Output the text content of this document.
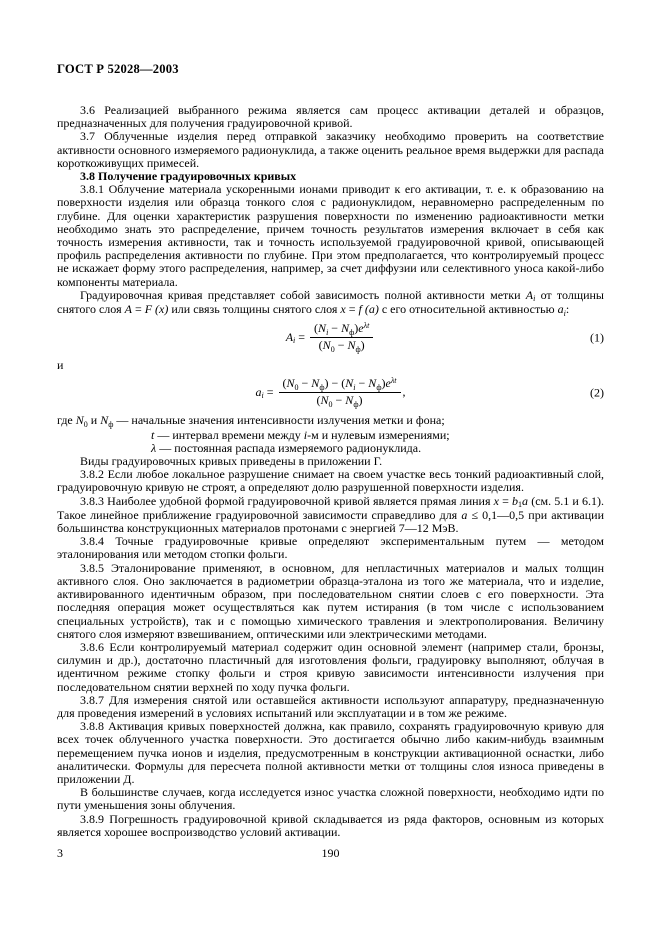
ГОСТ Р 52028—2003

3.6 Реализацией выбранного режима является сам процесс активации деталей и образцов, предназначенных для получения градуировочной кривой.

3.7 Облученные изделия перед отправкой заказчику необходимо проверить на соответствие активности основного измеряемого радионуклида, а также оценить реальное время выдержки для распада короткоживущих примесей.

3.8 Получение градуировочных кривых

3.8.1 Облучение материала ускоренными ионами приводит к его активации, т. е. к образованию на поверхности изделия или образца тонкого слоя с радионуклидом, неравномерно распределенным по глубине. Для оценки характеристик разрушения поверхности по изменению радиоактивности метки необходимо знать это распределение, причем точность результатов измерения включает в себя как точность измерения активности, так и точность используемой градуировочной кривой, описывающей профиль распределения активности по глубине. При этом предполагается, что контролируемый процесс не искажает форму этого распределения, например, за счет диффузии или селективного уноса какой-либо компоненты материала.

Градуировочная кривая представляет собой зависимость полной активности метки $A_i$ от толщины снятого слоя A = F (x) или связь толщины снятого слоя x = f (a) с его относительной активностью $a_i$:

$A_i = \frac{(N_i - N_ф)e^{\lambda t}}{(N_0 - N_ф)}$	(1)

и

$a_i = \frac{(N_0 - N_ф) - (N_i - N_ф)e^{\lambda t}}{(N_0 - N_ф)}$ ,	(2)

где $N_0$ и $N_ф$ — начальные значения интенсивности излучения метки и фона;

t — интервал времени между i-м и нулевым измерениями;

λ — постоянная распада измеряемого радионуклида.

Виды градуировочных кривых приведены в приложении Г.

3.8.2 Если любое локальное разрушение снимает на своем участке весь тонкий радиоактивный слой, градуировочную кривую не строят, а определяют долю разрушенной поверхности изделия.

3.8.3 Наиболее удобной формой градуировочной кривой является прямая линия $x = b_1a$ (см. 5.1 и 6.1). Такое линейное приближение градуировочной зависимости справедливо для a ≤ 0,1—0,5 при активации большинства конструкционных материалов протонами с энергией 7—12 МэВ.

3.8.4 Точные градуировочные кривые определяют экспериментальным путем — методом эталонирования или методом стопки фольги.

3.8.5 Эталонирование применяют, в основном, для непластичных материалов и малых толщин активного слоя. Оно заключается в радиометрии образца-эталона из того же материала, что и изделие, активированного идентичным образом, при последовательном снятии слоев с его поверхности. Эта последняя операция может осуществляться как путем истирания (в том числе с использованием специальных устройств), так и с помощью химического травления и электрополирования. Величину снятого слоя измеряют взвешиванием, оптическими или электрическими методами.

3.8.6 Если контролируемый материал содержит один основной элемент (например стали, бронзы, силумин и др.), достаточно пластичный для изготовления фольги, градуировку выполняют, облучая в идентичном режиме стопку фольги и строя кривую зависимости интенсивности излучения при последовательном снятии верхней по ходу пучка фольги.

3.8.7 Для измерения снятой или оставшейся активности используют аппаратуру, предназначенную для проведения измерений в условиях испытаний или эксплуатации и в том же режиме.

3.8.8 Активация кривых поверхностей должна, как правило, сохранять градуировочную кривую для всех точек облученного участка поверхности. Это достигается обычно либо каким-нибудь взаимным перемещением пучка ионов и изделия, предусмотренным в конструкции активационной оснастки, либо аналитически. Формулы для пересчета полной активности метки от толщины слоя износа приведены в приложении Д.

В большинстве случаев, когда исследуется износ участка сложной поверхности, необходимо идти по пути уменьшения зоны облучения.

3.8.9 Погрешность градуировочной кривой складывается из ряда факторов, основным из которых является хорошее воспроизводство условий активации.

3	190
